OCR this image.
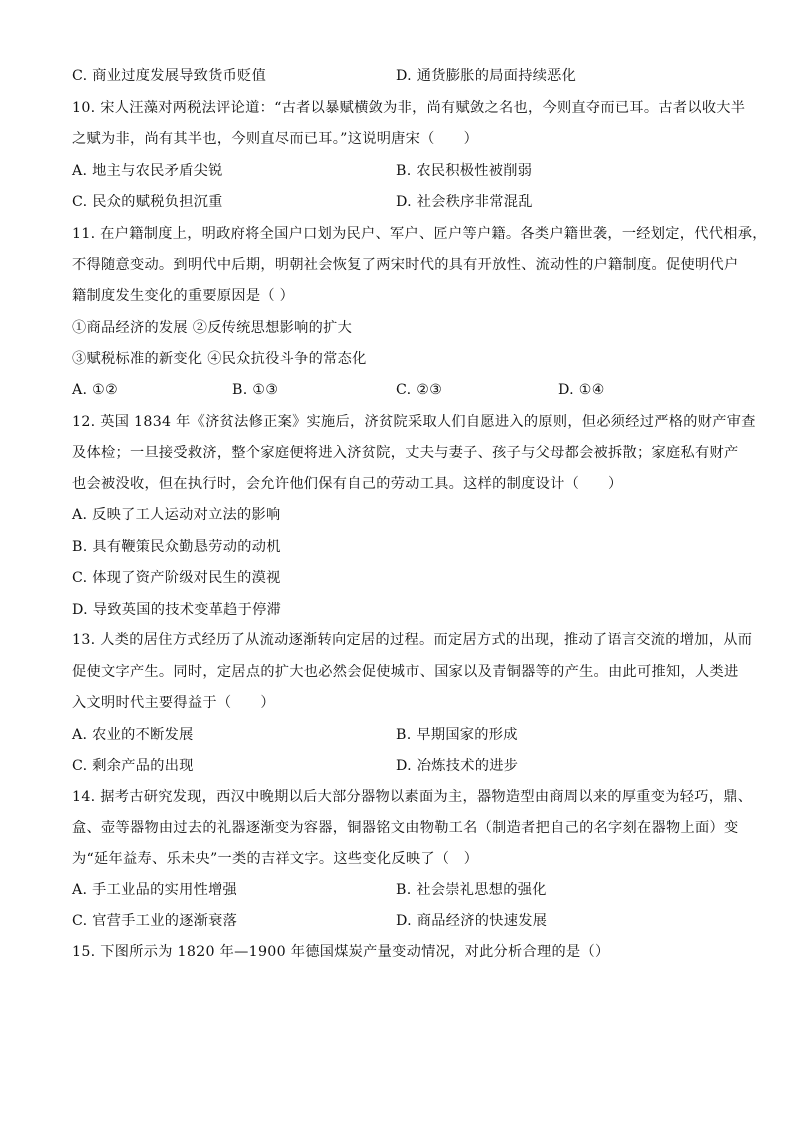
C. 商业过度发展导致货币贬值	D. 通货膨胀的局面持续恶化
10. 宋人汪藻对两税法评论道：“古者以暴赋横敛为非，尚有赋敛之名也，今则直夺而已耳。古者以收大半
之赋为非，尚有其半也，今则直尽而已耳。”这说明唐宋（　　）
A. 地主与农民矛盾尖锐	B. 农民积极性被削弱
C. 民众的赋税负担沉重	D. 社会秩序非常混乱
11. 在户籍制度上，明政府将全国户口划为民户、军户、匠户等户籍。各类户籍世袭，一经划定，代代相承，
不得随意变动。到明代中后期，明朝社会恢复了两宋时代的具有开放性、流动性的户籍制度。促使明代户
籍制度发生变化的重要原因是（ ）
①商品经济的发展 ②反传统思想影响的扩大
③赋税标准的新变化 ④民众抗役斗争的常态化
A. ①②	B. ①③	C. ②③	D. ①④
12. 英国 1834 年《济贫法修正案》实施后，济贫院采取人们自愿进入的原则，但必须经过严格的财产审查
及体检；一旦接受救济，整个家庭便将进入济贫院，丈夫与妻子、孩子与父母都会被拆散；家庭私有财产
也会被没收，但在执行时，会允许他们保有自己的劳动工具。这样的制度设计（　　）
A. 反映了工人运动对立法的影响
B. 具有鞭策民众勤恳劳动的动机
C. 体现了资产阶级对民生的漠视
D. 导致英国的技术变革趋于停滞
13. 人类的居住方式经历了从流动逐渐转向定居的过程。而定居方式的出现，推动了语言交流的增加，从而
促使文字产生。同时，定居点的扩大也必然会促使城市、国家以及青铜器等的产生。由此可推知，人类进
入文明时代主要得益于（　　）
A. 农业的不断发展	B. 早期国家的形成
C. 剩余产品的出现	D. 冶炼技术的进步
14. 据考古研究发现，西汉中晚期以后大部分器物以素面为主，器物造型由商周以来的厚重变为轻巧，鼎、
盒、壶等器物由过去的礼器逐渐变为容器，铜器铭文由物勒工名（制造者把自己的名字刻在器物上面）变
为“延年益寿、乐未央”一类的吉祥文字。这些变化反映了（　）
A. 手工业品的实用性增强	B. 社会崇礼思想的强化
C. 官营手工业的逐渐衰落	D. 商品经济的快速发展
15. 下图所示为 1820 年—1900 年德国煤炭产量变动情况，对此分析合理的是（）
